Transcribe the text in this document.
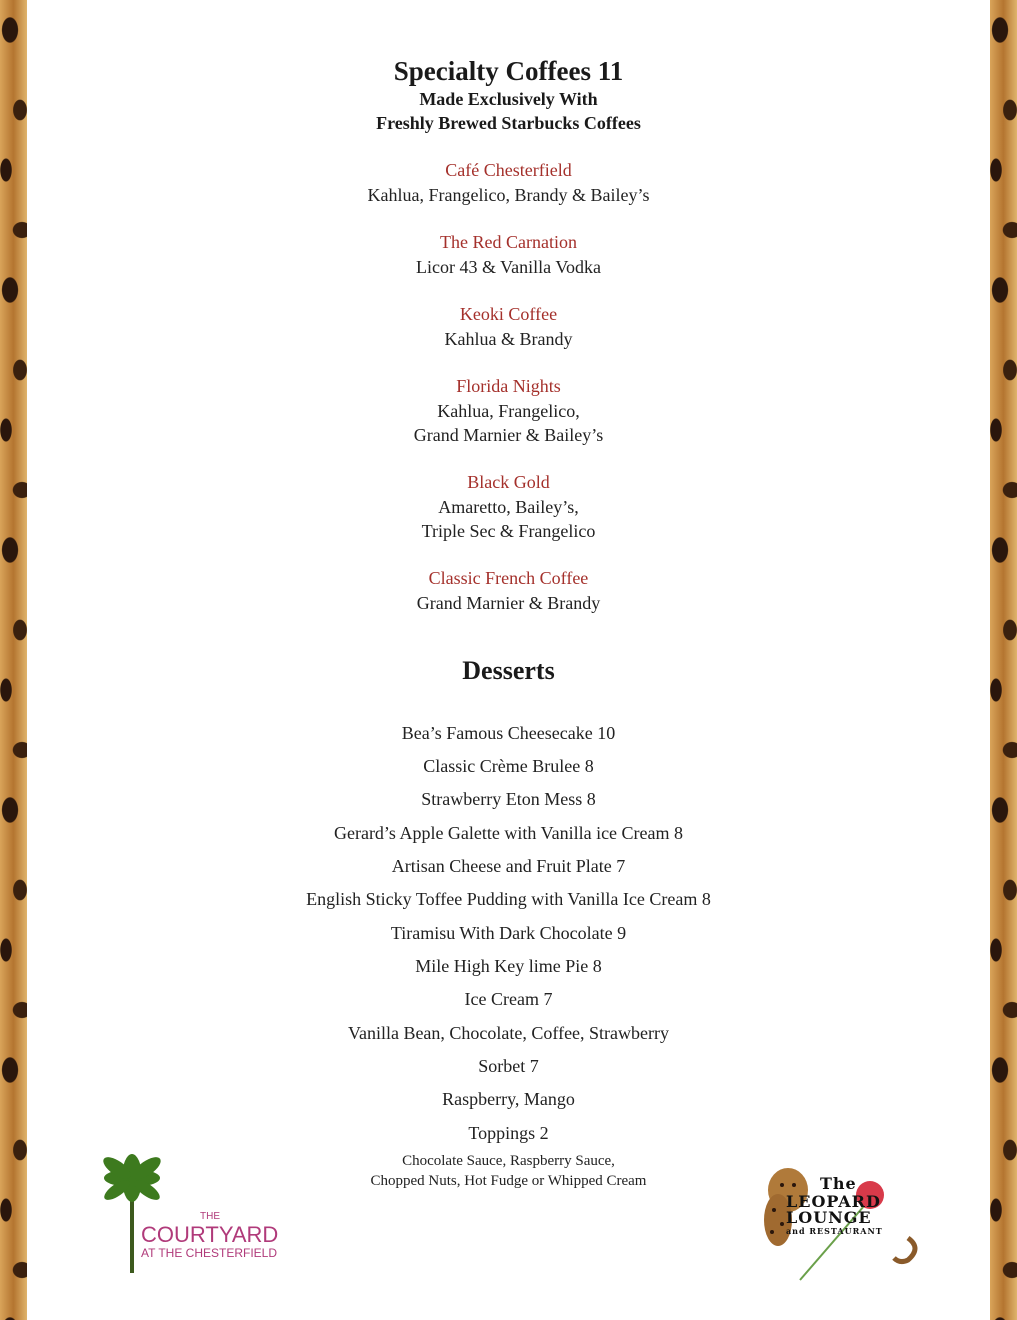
Specialty Coffees 11
Made Exclusively With
Freshly Brewed Starbucks Coffees
Café Chesterfield
Kahlua, Frangelico, Brandy & Bailey’s
The Red Carnation
Licor 43 & Vanilla Vodka
Keoki Coffee
Kahlua & Brandy
Florida Nights
Kahlua, Frangelico,
Grand Marnier & Bailey’s
Black Gold
Amaretto, Bailey’s,
Triple Sec & Frangelico
Classic French Coffee
Grand Marnier & Brandy
Desserts
Bea’s Famous Cheesecake 10
Classic Crème Brulee 8
Strawberry Eton Mess 8
Gerard’s Apple Galette with Vanilla ice Cream 8
Artisan Cheese and Fruit Plate 7
English Sticky Toffee Pudding with Vanilla Ice Cream 8
Tiramisu With Dark Chocolate 9
Mile High Key lime Pie 8
Ice Cream 7
Vanilla Bean, Chocolate, Coffee, Strawberry
Sorbet 7
Raspberry, Mango
Toppings 2
Chocolate Sauce, Raspberry Sauce,
Chopped Nuts, Hot Fudge or Whipped Cream
THE
COURTYARD
AT THE CHESTERFIELD
The
LEOPARD
LOUNGE
and RESTAURANT
